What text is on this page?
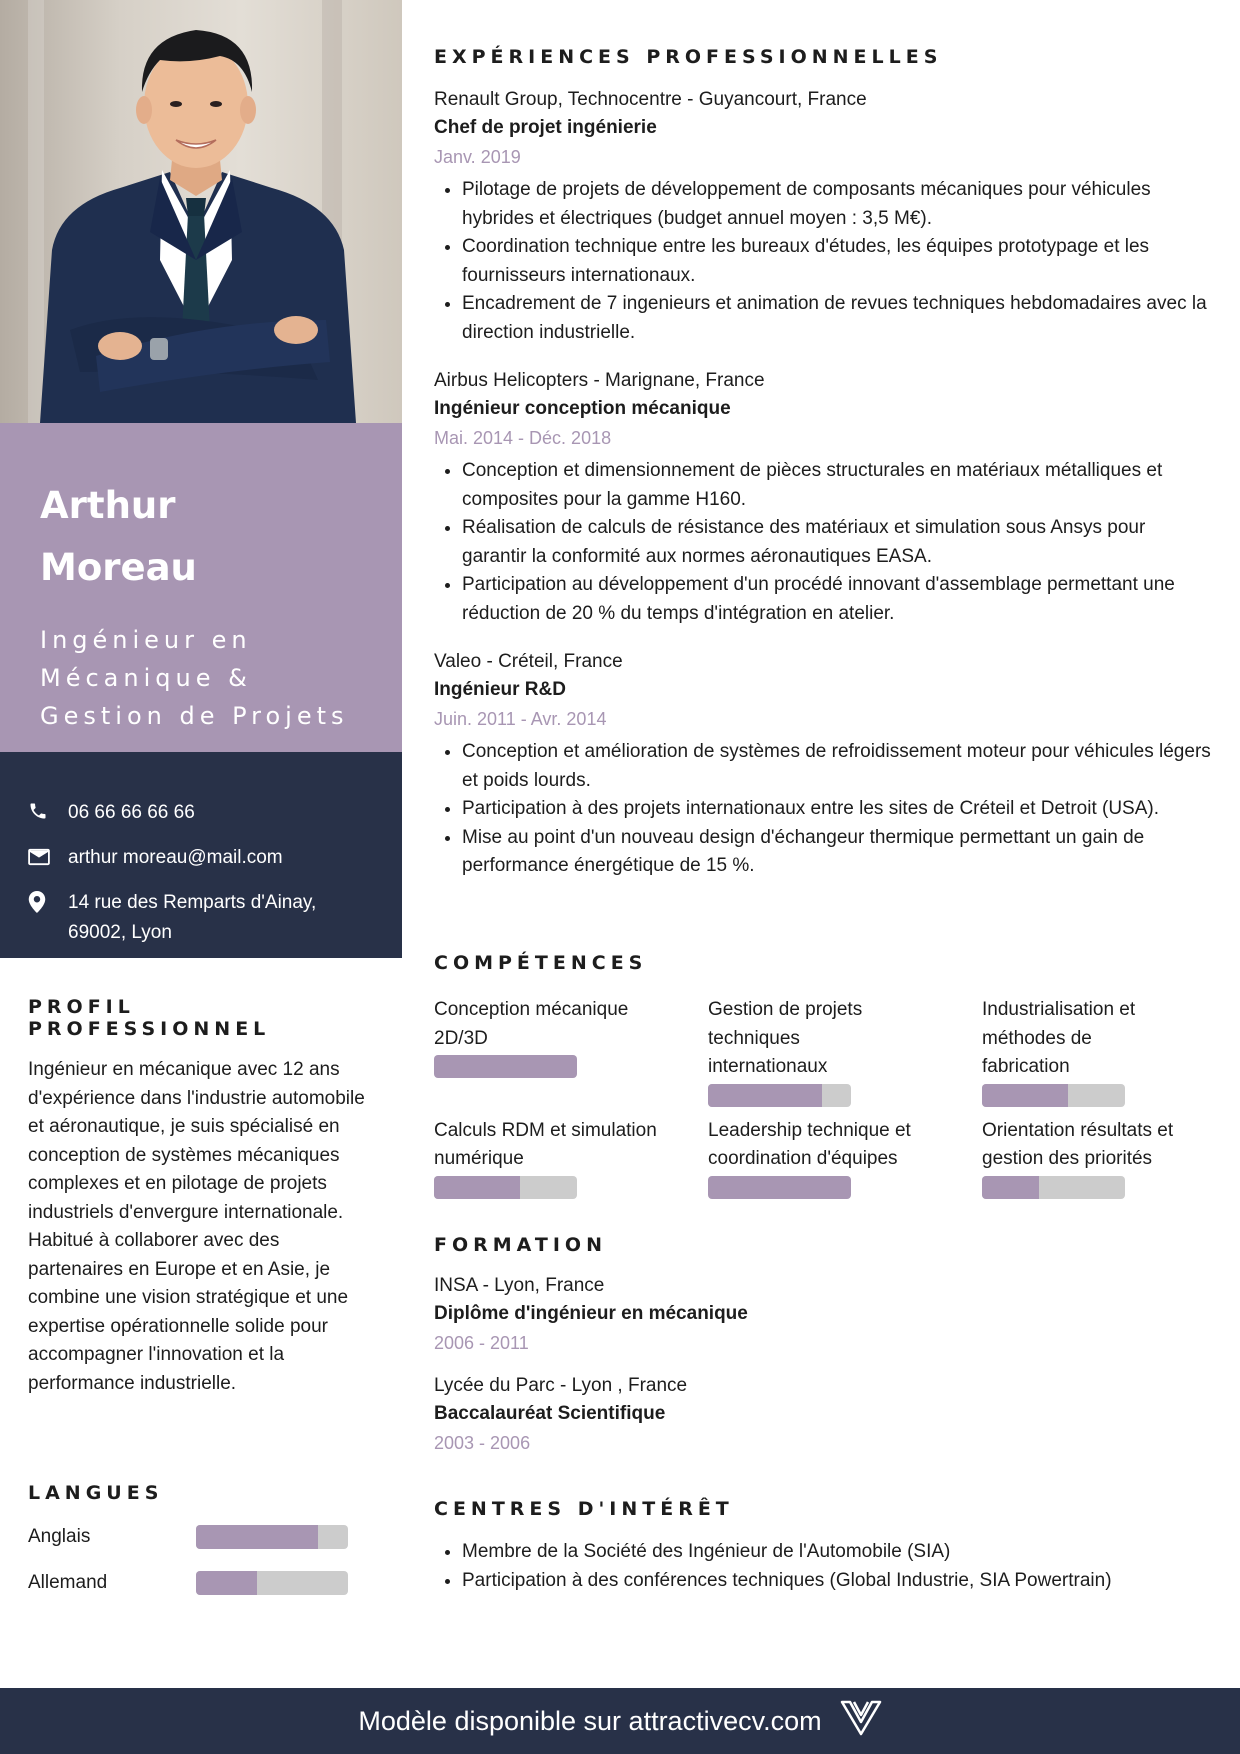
Arthur
Moreau
Ingénieur en
Mécanique &
Gestion de Projets
06 66 66 66 66
arthur moreau@mail.com
14 rue des Remparts d'Ainay, 69002, Lyon
PROFIL PROFESSIONNEL

Ingénieur en mécanique avec 12 ans d'expérience dans l'industrie automobile et aéronautique, je suis spécialisé en conception de systèmes mécaniques complexes et en pilotage de projets industriels d'envergure internationale. Habitué à collaborer avec des partenaires en Europe et en Asie, je combine une vision stratégique et une expertise opérationnelle solide pour accompagner l'innovation et la performance industrielle.

LANGUES
Anglais
Allemand
EXPÉRIENCES PROFESSIONNELLES
Renault Group, Technocentre - Guyancourt, France
Chef de projet ingénierie
Janv. 2019
• Pilotage de projets de développement de composants mécaniques pour véhicules hybrides et électriques (budget annuel moyen : 3,5 M€).
• Coordination technique entre les bureaux d'études, les équipes prototypage et les fournisseurs internationaux.
• Encadrement de 7 ingenieurs et animation de revues techniques hebdomadaires avec la direction industrielle.
Airbus Helicopters - Marignane, France
Ingénieur conception mécanique
Mai. 2014 - Déc. 2018
• Conception et dimensionnement de pièces structurales en matériaux métalliques et composites pour la gamme H160.
• Réalisation de calculs de résistance des matériaux et simulation sous Ansys pour garantir la conformité aux normes aéronautiques EASA.
• Participation au développement d'un procédé innovant d'assemblage permettant une réduction de 20 % du temps d'intégration en atelier.
Valeo - Créteil, France
Ingénieur R&D
Juin. 2011 - Avr. 2014
• Conception et amélioration de systèmes de refroidissement moteur pour véhicules légers et poids lourds.
• Participation à des projets internationaux entre les sites de Créteil et Detroit (USA).
• Mise au point d'un nouveau design d'échangeur thermique permettant un gain de performance énergétique de 15 %.
COMPÉTENCES
Conception mécanique 2D/3D
Gestion de projets techniques internationaux
Industrialisation et méthodes de fabrication
Calculs RDM et simulation numérique
Leadership technique et coordination d'équipes
Orientation résultats et gestion des priorités
FORMATION
INSA - Lyon, France
Diplôme d'ingénieur en mécanique
2006 - 2011
Lycée du Parc - Lyon , France
Baccalauréat Scientifique
2003 - 2006
CENTRES D'INTÉRÊT
• Membre de la Société des Ingénieur de l'Automobile (SIA)
• Participation à des conférences techniques (Global Industrie, SIA Powertrain)
Modèle disponible sur attractivecv.com
